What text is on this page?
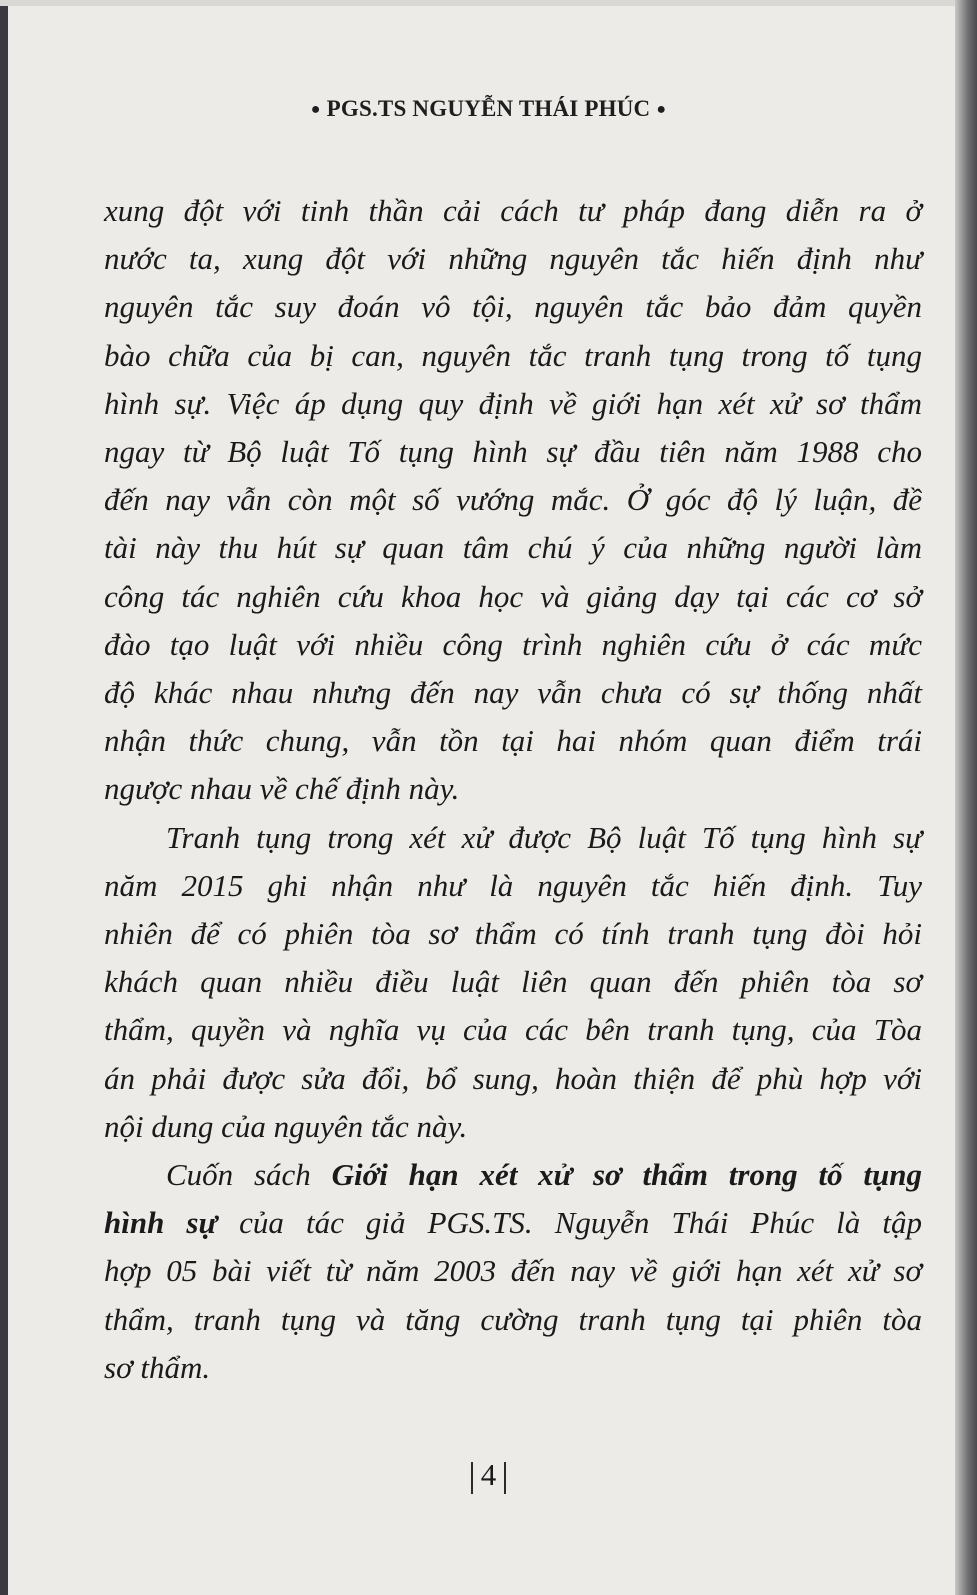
● PGS.TS NGUYỄN THÁI PHÚC ●

xung đột với tinh thần cải cách tư pháp đang diễn ra ở
nước ta, xung đột với những nguyên tắc hiến định như
nguyên tắc suy đoán vô tội, nguyên tắc bảo đảm quyền
bào chữa của bị can, nguyên tắc tranh tụng trong tố tụng
hình sự. Việc áp dụng quy định về giới hạn xét xử sơ thẩm
ngay từ Bộ luật Tố tụng hình sự đầu tiên năm 1988 cho
đến nay vẫn còn một số vướng mắc. Ở góc độ lý luận, đề
tài này thu hút sự quan tâm chú ý của những người làm
công tác nghiên cứu khoa học và giảng dạy tại các cơ sở
đào tạo luật với nhiều công trình nghiên cứu ở các mức
độ khác nhau nhưng đến nay vẫn chưa có sự thống nhất
nhận thức chung, vẫn tồn tại hai nhóm quan điểm trái
ngược nhau về chế định này.

Tranh tụng trong xét xử được Bộ luật Tố tụng hình sự
năm 2015 ghi nhận như là nguyên tắc hiến định. Tuy
nhiên để có phiên tòa sơ thẩm có tính tranh tụng đòi hỏi
khách quan nhiều điều luật liên quan đến phiên tòa sơ
thẩm, quyền và nghĩa vụ của các bên tranh tụng, của Tòa
án phải được sửa đổi, bổ sung, hoàn thiện để phù hợp với
nội dung của nguyên tắc này.

Cuốn sách Giới hạn xét xử sơ thẩm trong tố tụng
hình sự của tác giả PGS.TS. Nguyễn Thái Phúc là tập
hợp 05 bài viết từ năm 2003 đến nay về giới hạn xét xử sơ
thẩm, tranh tụng và tăng cường tranh tụng tại phiên tòa
sơ thẩm.

4
